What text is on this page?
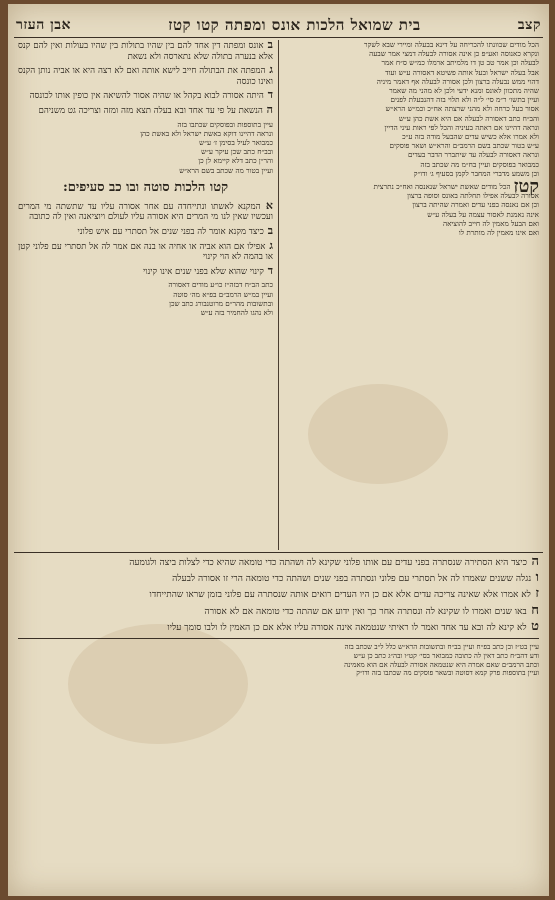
קצב
בית שמואל הלכות אונס ומפתה קטו קטז
אבן העזר
הכל מודים שכוונתו להכריחה על דינא בבעלה ומיירי שבא לשקר
ונקרא כאנוסה ואע״פ כן אינה אסורה לבעלה דמצי אמר שבעה
לבעלה וכן אמר טב טן דו מלמיתב ארמלו כמ״ש ס״ח אמר
אבל בעלה ישראל ובעל אותה פשיטא דאסורה ע״ש ועוד
דהוי ממש נבעלה ברצון ולכן אסורה לבעלה אף דאמר מיניה
שהיה מתכוון לאונס ומנא ידעי ולכן לא מהני מה שאמר
ועיין בתשו׳ ר״מ סי׳ ל״ה ולא תלוי בזה דהנבעלת לפנים
אסור בעל כרחה ולא מהני שרצתה אח״כ וכמ״ש הרא״ש
והב״ח כתב דאסורה לבעלה אם היא אשת כהן ע״ש
ונראה דהיינו אם ראתה בעיניה והכל לפי ראות עיני הדיין
ולא אמרו אלא כשיש עדים שהבעל מודה בזה ע״כ
ע״ש בטור שכתב בשם הרמב״ם והרא״ש ושאר פוסקים
ונראה דאסורה לבעלה עד שיתברר הדבר בעדים
כמבואר בפוסקים ועיין בח״מ מה שכתב בזה
וכן משמע מדברי המחבר לקמן בסעיף ג׳ ודו״ק
קטז
הכל מודים שאשת ישראל שנאנסה ואח״כ נתרצית
אסורה לבעלה אפילו תחלתה באונס וסופה ברצון
וכן אם נאנסה בפני עדים ואמרה שהיתה ברצון
אינה נאמנת לאסור עצמה על בעלה ע״ש
ואם הבעל מאמין לה חייב להוציאה
ואם אינו מאמין לה מותרת לו

ב אונס ומפתה דין אחד להם בין שהיו בתולות בין שהיו בעולות ואין להם קנס אלא בנערה בתולה שלא נתארסה ולא נשאת

ג המפתה את הבתולה חייב לישא אותה ואם לא רצה היא או אביה נותן הקנס ואינו כונסה

ד היתה אסורה לבוא בקהל או שהיה אסור להשיאה אין כופין אותו לכונסה

ה הנשאת על פי עד אחד ובא בעלה תצא מזה ומזה וצריכה גט משניהם

עיין בתוספות ובפוסקים שכתבו בזה
ונראה דהיינו דוקא באשת ישראל ולא באשת כהן
כמבואר לעיל בסימן ז׳ ע״ש
ובב״ח כתב שכן עיקר ע״ש
והר״ן כתב דלא קיימא לן כן
ועיין בטור מה שכתב בשם הרא״ש
קטו הלכות סוטה ובו כב סעיפים:

א המקנא לאשתו ונתייחדה עם אחר אסורה עליו עד שתשתה מי המרים ועכשיו שאין לנו מי המרים היא אסורה עליו לעולם ויוציאנה ואין לה כתובה

ב כיצד מקנא אומר לה בפני שנים אל תסתרי עם איש פלוני

ג אפילו אם הוא אביה או אחיה או בנה אם אמר לה אל תסתרי עם פלוני קטן או בהמה לא הוי קינוי

ד קינוי שהוא שלא בפני שנים אינו קינוי

כתב הב״ח דבזה״ז כו״ע מודים דאסורה
ועיין במ״ש הרמב״ם בפ״א מה׳ סוטה
ובתשובות מהר״ם מרוטנבורג כתב שכן
ולא נהגו להחמיר בזה ע״ש

ה כיצד היא הסתירה שנסתרה בפני עדים עם אותו פלוני שקינא לה ושהתה כדי טומאה שהיא כדי לצלות ביצה ולגומעה

ו נגלה ששנים שאמרו לה אל תסתרי עם פלוני ונסתרה בפני שנים ושהתה כדי טומאה הרי זו אסורה לבעלה

ז לא אמרו אלא שאינה צריכה עדים אלא אם כן היו העדים רואים אותה שנסתרה עם פלוני בזמן שראו שהתייחדו

ח באו שנים ואמרו לו שקינא לה ונסתרה אחר כך ואין ידוע אם שהתה כדי טומאה אם לא אסורה

ט לא קינא לה ובא עד אחד ואמר לו ראיתי שנטמאה אינה אסורה עליו אלא אם כן האמין לו ולבו סומך עליו

עיין בט״ז וכן כתב בפ״ח ועיין בב״ח ובתשובות הרא״ש כלל ל״ב שכתב בזה
ודע דהב״ח כתב דאין לה כתובה כמבואר בסי׳ קט״ו ובה״ג כתב כן ע״ש
וכתב הרמב״ם שאם אמרה היא שנטמאה אסורה לבעלה אם הוא מאמינה
ועיין בתוספות פרק קמא דסוטה ובשאר פוסקים מה שכתבו בזה ודו״ק
